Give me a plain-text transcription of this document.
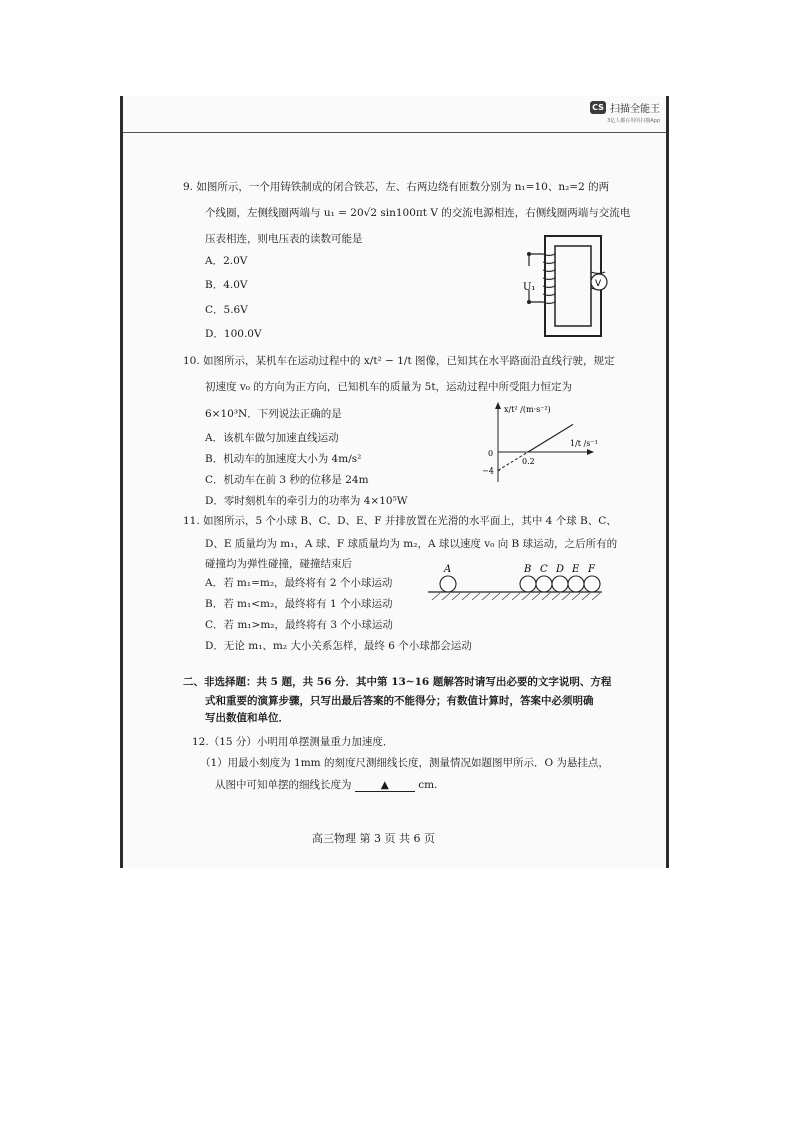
CS 扫描全能王
3亿人都在用的扫描App
9. 如图所示，一个用铸铁制成的闭合铁芯，左、右两边绕有匝数分别为 n₁=10、n₂=2 的两
个线圈，左侧线圈两端与 u₁ = 20√2 sin100πt V 的交流电源相连，右侧线圈两端与交流电
压表相连，则电压表的读数可能是
A．2.0V
B．4.0V
C．5.6V
D．100.0V
U₁	V
10. 如图所示，某机车在运动过程中的 x/t² − 1/t 图像，已知其在水平路面沿直线行驶，规定
初速度 v₀ 的方向为正方向，已知机车的质量为 5t，运动过程中所受阻力恒定为
6×10³N．下列说法正确的是
A．该机车做匀加速直线运动
B．机动车的加速度大小为 4m/s²
C．机动车在前 3 秒的位移是 24m
D．零时刻机车的牵引力的功率为 4×10⁵W
x/t² /(m·s⁻²)
1/t /s⁻¹
0
0.2
−4
11. 如图所示，5 个小球 B、C、D、E、F 并排放置在光滑的水平面上，其中 4 个球 B、C、
D、E 质量均为 m₁，A 球、F 球质量均为 m₂，A 球以速度 v₀ 向 B 球运动，之后所有的
碰撞均为弹性碰撞，碰撞结束后
A．若 m₁=m₂，最终将有 2 个小球运动
B．若 m₁<m₂，最终将有 1 个小球运动
C．若 m₁>m₂，最终将有 3 个小球运动
D．无论 m₁、m₂ 大小关系怎样，最终 6 个小球都会运动
A	B C D E F
二、非选择题：共 5 题，共 56 分．其中第 13~16 题解答时请写出必要的文字说明、方程
式和重要的演算步骤，只写出最后答案的不能得分；有数值计算时，答案中必须明确
写出数值和单位．
12.（15 分）小明用单摆测量重力加速度．
（1）用最小刻度为 1mm 的刻度尺测细线长度，测量情况如题图甲所示．O 为悬挂点，
从图中可知单摆的细线长度为	▲	cm.
高三物理 第 3 页 共 6 页
